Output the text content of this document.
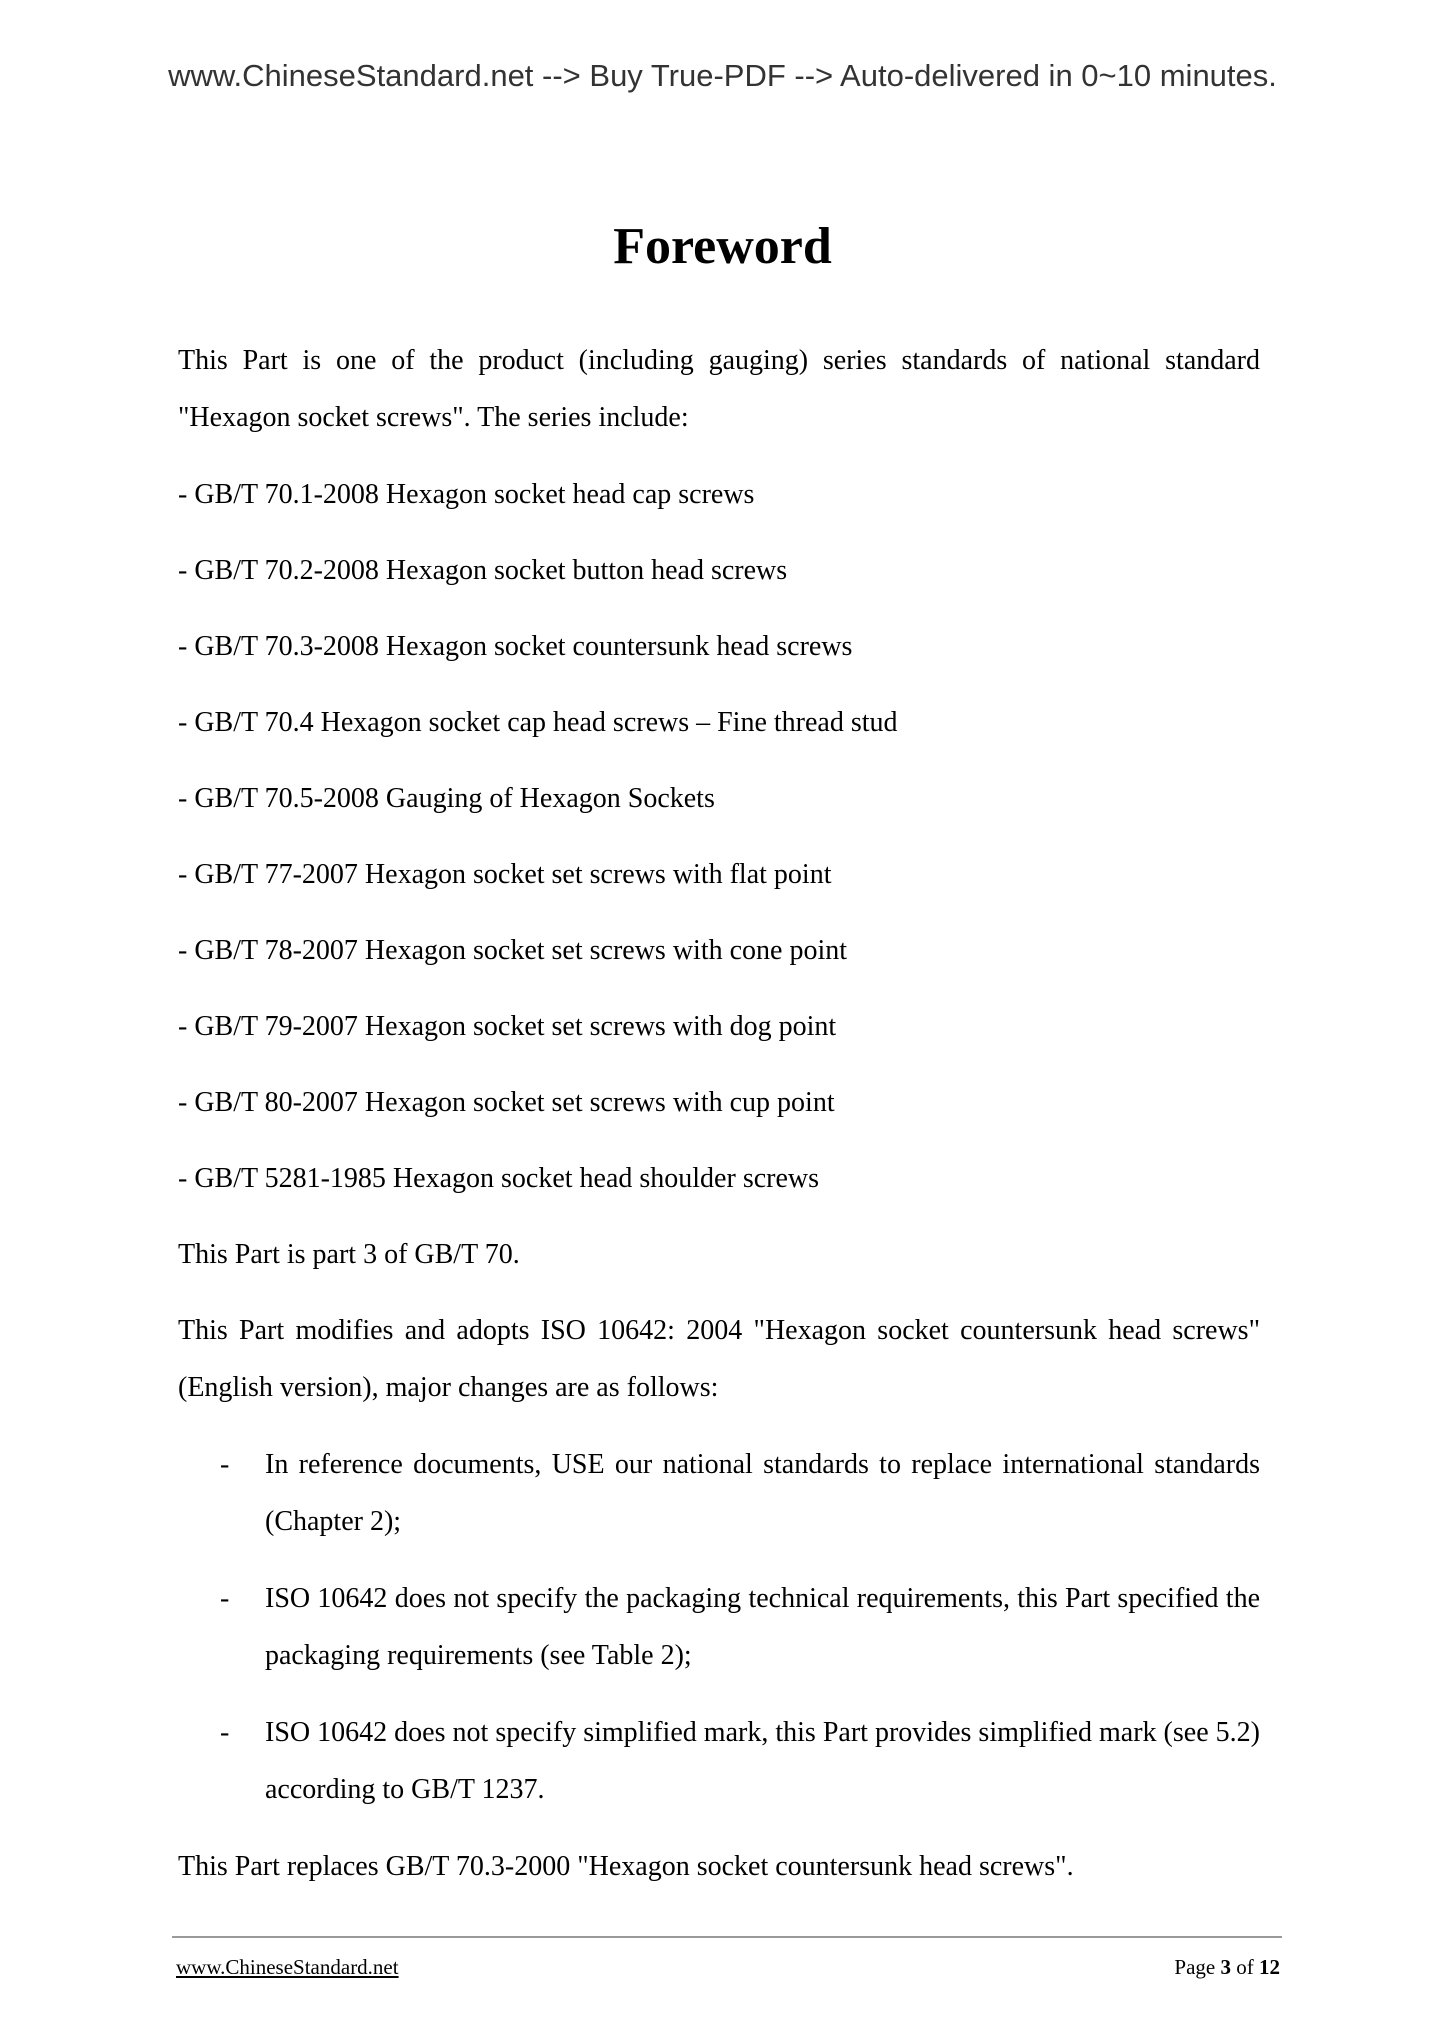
www.ChineseStandard.net --> Buy True-PDF --> Auto-delivered in 0~10 minutes.
Foreword

This Part is one of the product (including gauging) series standards of national standard "Hexagon socket screws". The series include:

- GB/T 70.1-2008 Hexagon socket head cap screws

- GB/T 70.2-2008 Hexagon socket button head screws

- GB/T 70.3-2008 Hexagon socket countersunk head screws

- GB/T 70.4 Hexagon socket cap head screws – Fine thread stud

- GB/T 70.5-2008 Gauging of Hexagon Sockets

- GB/T 77-2007 Hexagon socket set screws with flat point

- GB/T 78-2007 Hexagon socket set screws with cone point

- GB/T 79-2007 Hexagon socket set screws with dog point

- GB/T 80-2007 Hexagon socket set screws with cup point

- GB/T 5281-1985 Hexagon socket head shoulder screws

This Part is part 3 of GB/T 70.

This Part modifies and adopts ISO 10642: 2004 "Hexagon socket countersunk head screws" (English version), major changes are as follows:

- In reference documents, USE our national standards to replace international standards (Chapter 2);

- ISO 10642 does not specify the packaging technical requirements, this Part specified the packaging requirements (see Table 2);

- ISO 10642 does not specify simplified mark, this Part provides simplified mark (see 5.2) according to GB/T 1237.

This Part replaces GB/T 70.3-2000 "Hexagon socket countersunk head screws".

www.ChineseStandard.net	Page 3 of 12
